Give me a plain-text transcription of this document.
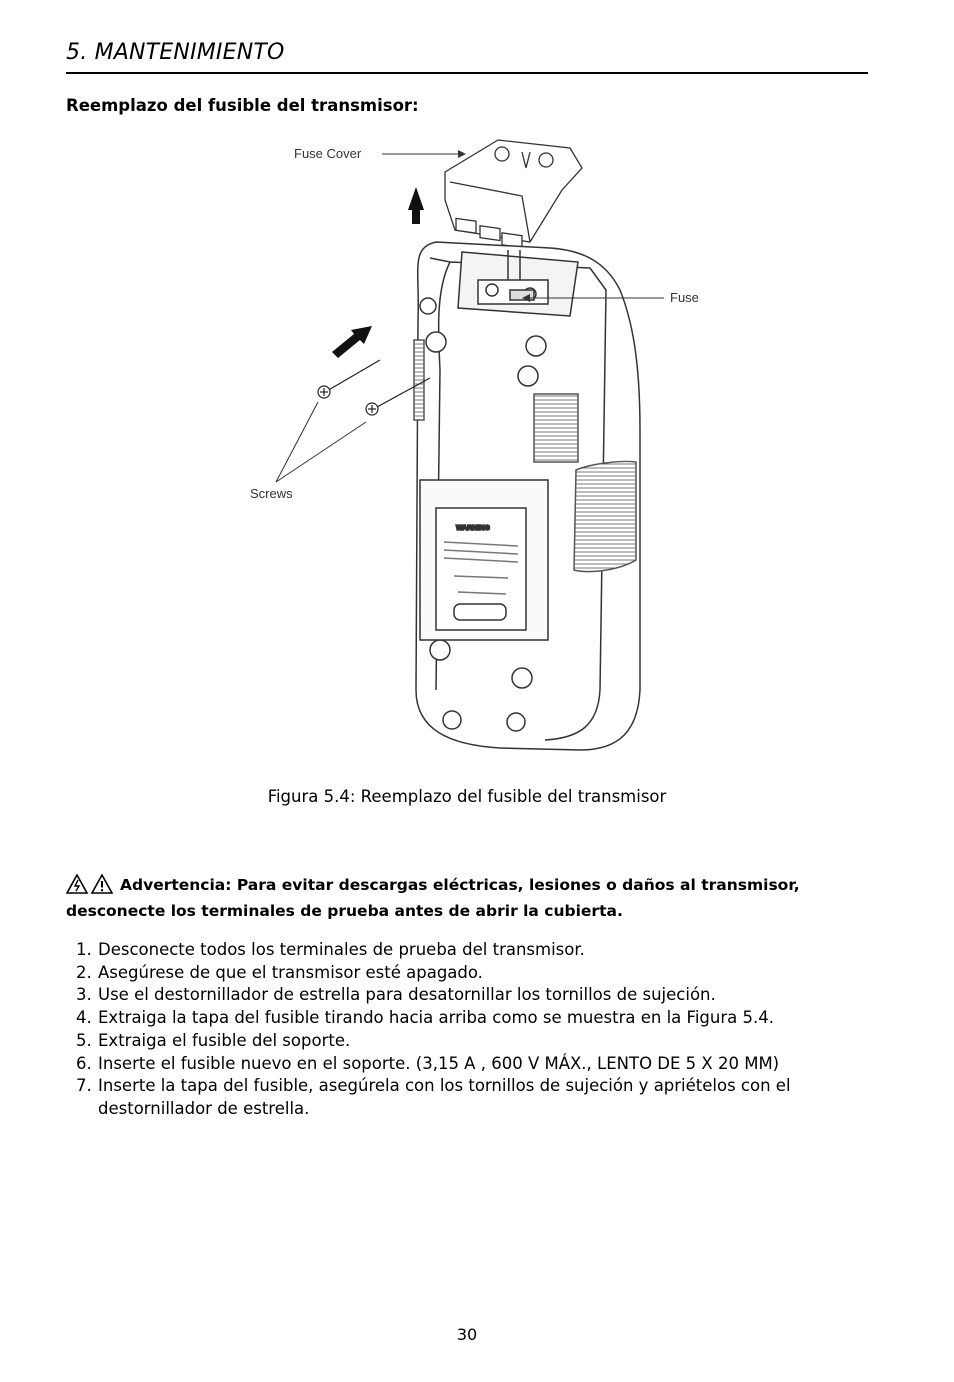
5. MANTENIMIENTO
Reemplazo del fusible del transmisor:
Fuse Cover
WARNING
Fuse
Screws
Figura 5.4: Reemplazo del fusible del transmisor
Advertencia: Para evitar descargas eléctricas, lesiones o daños al transmisor, desconecte los terminales de prueba antes de abrir la cubierta.
1. Desconecte todos los terminales de prueba del transmisor.
2. Asegúrese de que el transmisor esté apagado.
3. Use el destornillador de estrella para desatornillar los tornillos de sujeción.
4. Extraiga la tapa del fusible tirando hacia arriba como se muestra en la Figura 5.4.
5. Extraiga el fusible del soporte.
6. Inserte el fusible nuevo en el soporte. (3,15 A , 600 V MÁX., LENTO DE 5 X 20 MM)
7. Inserte la tapa del fusible, asegúrela con los tornillos de sujeción y apriételos con el destornillador de estrella.
30
